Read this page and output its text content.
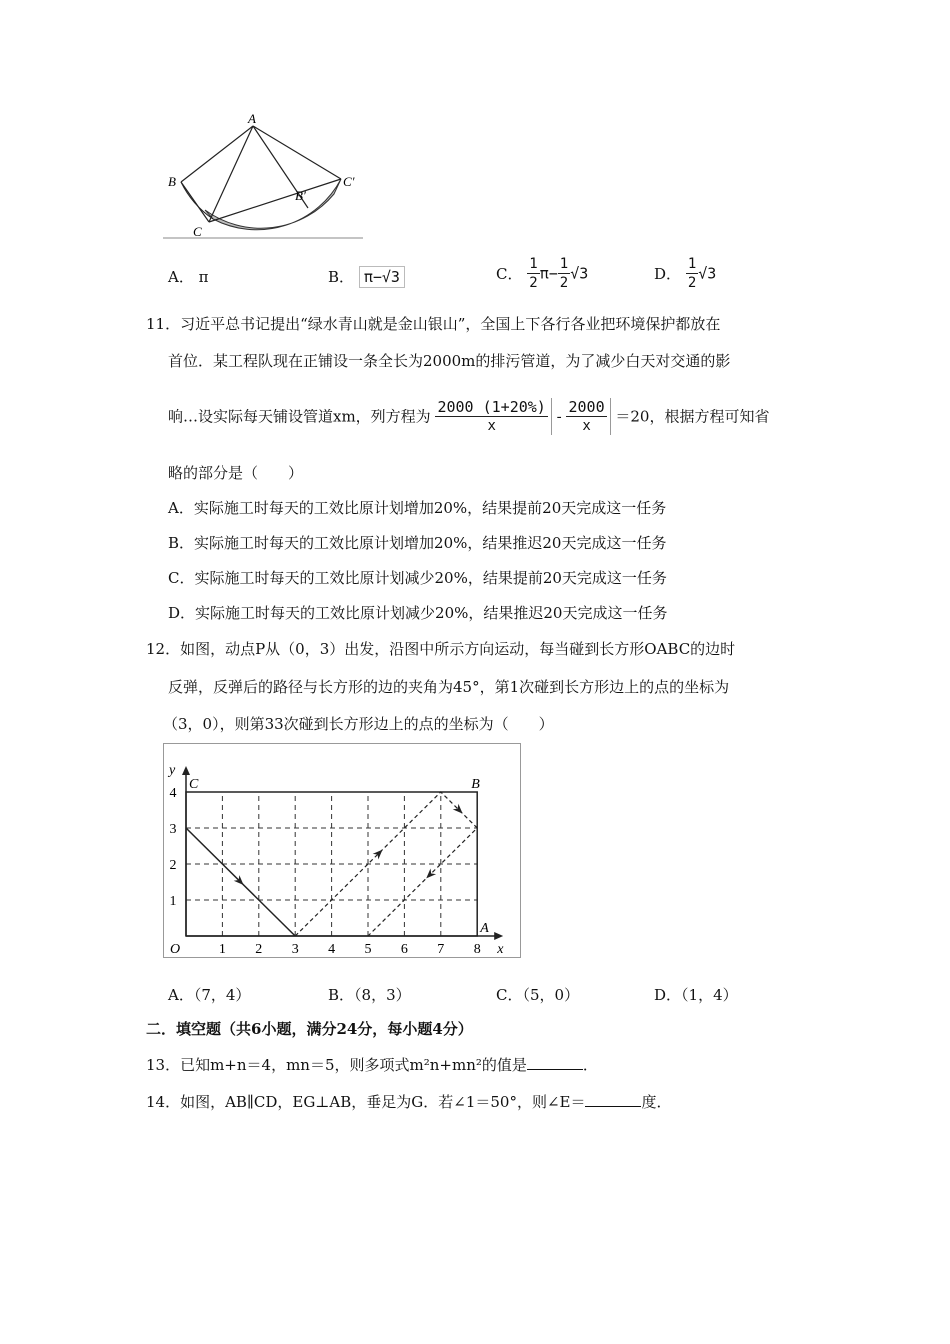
A
B
B′
C′
C
A． π	B． π−√3	C． $\frac{1}{2} \pi- \frac{1}{2} √3$	D． $\frac{1}{2} √3$
11．习近平总书记提出“绿水青山就是金山银山”，全国上下各行各业把环境保护都放在
首位．某工程队现在正铺设一条全长为2000m的排污管道，为了减少白天对交通的影
响…设实际每天铺设管道xm，列方程为 $\frac{2000 (1+20\%)}{x} - \frac{2000}{x} =20$，根据方程可知省
略的部分是（　　）
A．实际施工时每天的工效比原计划增加20%，结果提前20天完成这一任务
B．实际施工时每天的工效比原计划增加20%，结果推迟20天完成这一任务
C．实际施工时每天的工效比原计划减少20%，结果提前20天完成这一任务
D．实际施工时每天的工效比原计划减少20%，结果推迟20天完成这一任务
12．如图，动点P从（0，3）出发，沿图中所示方向运动，每当碰到长方形OABC的边时
反弹，反弹后的路径与长方形的边的夹角为45°，第1次碰到长方形边上的点的坐标为
（3，0），则第33次碰到长方形边上的点的坐标为（　　）
1 2 3 4 5 6 7 8
1
2
3
4
O	x
y
C	B
A
A．（7，4）	B．（8，3）	C．（5，0）	D．（1，4）
二．填空题（共6小题，满分24分，每小题4分）
13．已知m+n＝4，mn＝5，则多项式m²n+mn²的值是	．
14．如图，AB∥CD，EG⊥AB，垂足为G．若∠1＝50°，则∠E＝	度．
